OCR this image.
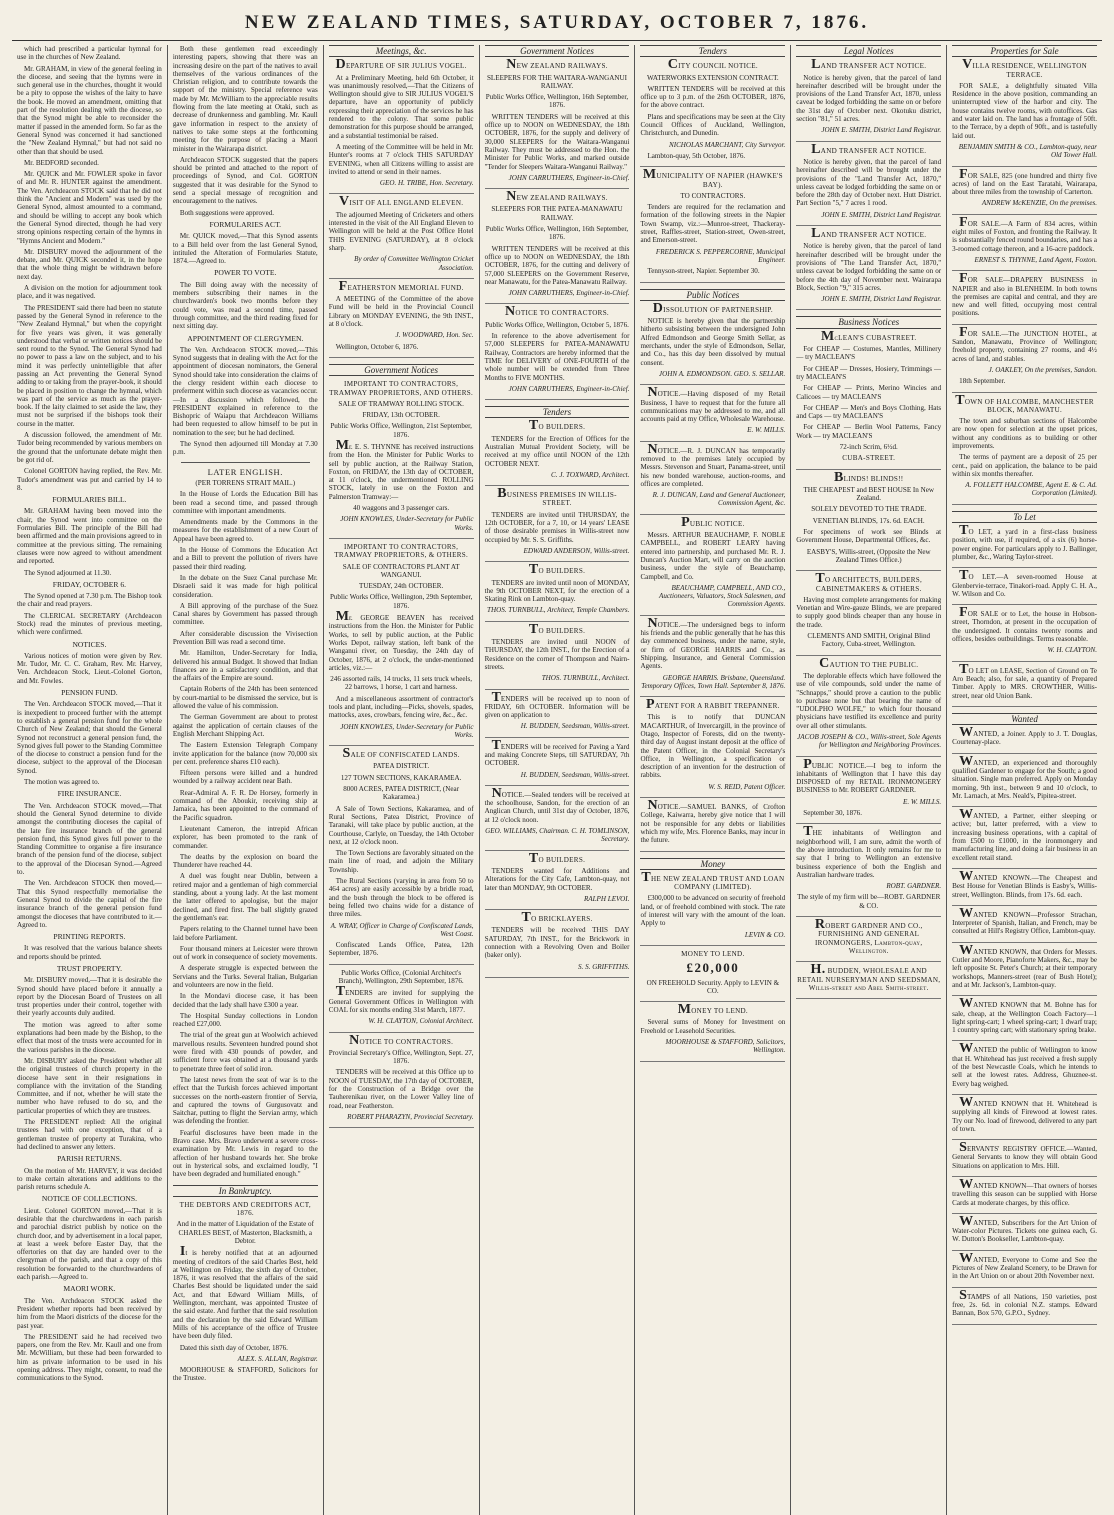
NEW ZEALAND TIMES, SATURDAY, OCTOBER 7, 1876.

which had prescribed a particular hymnal for use in the churches of New Zealand.

Mr. GRAHAM, in view of the general feeling in the diocese, and seeing that the hymns were in such general use in the churches, thought it would be a pity to oppose the wishes of the laity to have the book. He moved an amendment, omitting that part of the resolution dealing with the diocese, so that the Synod might be able to reconsider the matter if passed in the amended form. So far as the General Synod was concerned it had sanctioned the "New Zealand Hymnal," but had not said no other than that should be used.

Mr. BEDFORD seconded.

Mr. QUICK and Mr. FOWLER spoke in favor of and Mr. R. HUNTER against the amendment. The Ven. Archdeacon STOCK said that he did not think the "Ancient and Modern" was used by the General Synod, almost amounted to a command, and should be willing to accept any book which the General Synod directed, though he had very strong opinions respecting certain of the hymns in "Hymns Ancient and Modern."

Mr. DISBURY moved the adjournment of the debate, and Mr. QUICK seconded it, in the hope that the whole thing might be withdrawn before next day.

A division on the motion for adjournment took place, and it was negatived.

The PRESIDENT said there had been no statute passed by the General Synod in reference to the "New Zealand Hymnal," but when the copyright for five years was given, it was generally understood that verbal or written notices should be sent round to the Synod. The General Synod had no power to pass a law on the subject, and to his mind it was perfectly unintelligible that after passing an Act preventing the General Synod adding to or taking from the prayer-book, it should be placed in position to change the hymnal, which was part of the service as much as the prayer-book. If the laity claimed to set aside the law, they must not be surprised if the bishops took their course in the matter.

A discussion followed, the amendment of Mr. Tudor being recommended by various members on the ground that the unfortunate debate might then be got rid of.

Colonel GORTON having replied, the Rev. Mr. Tudor's amendment was put and carried by 14 to 8.

FORMULARIES BILL.

Mr. GRAHAM having been moved into the chair, the Synod went into committee on the Formularies Bill. The principle of the Bill had been affirmed and the main provisions agreed to in committee at the previous sitting. The remaining clauses were now agreed to without amendment and reported.

The Synod adjourned at 11.30.

FRIDAY, OCTOBER 6.

The Synod opened at 7.30 p.m. The Bishop took the chair and read prayers.

The CLERICAL SECRETARY (Archdeacon Stock) read the minutes of previous meeting, which were confirmed.

NOTICES.

Various notices of motion were given by Rev. Mr. Tudor, Mr. C. C. Graham, Rev. Mr. Harvey, Ven. Archdeacon Stock, Lieut.-Colonel Gorton, and Mr. Fowles.

PENSION FUND.

The Ven. Archdeacon STOCK moved,—That it is inexpedient to proceed further with the attempt to establish a general pension fund for the whole Church of New Zealand; that should the General Synod not reconstruct a general pension fund, the Synod gives full power to the Standing Committee of the diocese to construct a pension fund for the diocese, subject to the approval of the Diocesan Synod.

The motion was agreed to.

FIRE INSURANCE.

The Ven. Archdeacon STOCK moved,—That should the General Synod determine to divide amongst the contributing dioceses the capital of the late fire insurance branch of the general pension fund, this Synod gives full power to the Standing Committee to organise a fire insurance branch of the pension fund of the diocese, subject to the approval of the Diocesan Synod.—Agreed to.

The Ven. Archdeacon STOCK then moved,—That this Synod respectfully memorialise the General Synod to divide the capital of the fire insurance branch of the general pension fund amongst the dioceses that have contributed to it.—Agreed to.

PRINTING REPORTS.

It was resolved that the various balance sheets and reports should be printed.

TRUST PROPERTY.

Mr. DISBURY moved,—That it is desirable the Synod should have placed before it annually a report by the Diocesan Board of Trustees on all trust properties under their control, together with their yearly accounts duly audited.

The motion was agreed to after some explanations had been made by the Bishop, to the effect that most of the trusts were accounted for in the various parishes in the diocese.

Mr. DISBURY asked the President whether all the original trustees of church property in the diocese have sent in their resignations in compliance with the invitation of the Standing Committee, and if not, whether he will state the number who have refused to do so, and the particular properties of which they are trustees.

The PRESIDENT replied: All the original trustees had with one exception, that of a gentleman trustee of property at Turakina, who had declined to answer any letters.

PARISH RETURNS.

On the motion of Mr. HARVEY, it was decided to make certain alterations and additions to the parish returns schedule A.

NOTICE OF COLLECTIONS.

Lieut. Colonel GORTON moved,—That it is desirable that the churchwardens in each parish and parochial district publish by notice on the church door, and by advertisement in a local paper, at least a week before Easter Day, that the offertories on that day are handed over to the clergyman of the parish, and that a copy of this resolution be forwarded to the churchwardens of each parish.—Agreed to.

MAORI WORK.

The Ven. Archdeacon STOCK asked the President whether reports had been received by him from the Maori districts of the diocese for the past year.

The PRESIDENT said he had received two papers, one from the Rev. Mr. Kaull and one from Mr. McWilliam, but these had been forwarded to him as private information to be used in his opening address. They might, consent, to read the communications to the Synod.

Both these gentlemen read exceedingly interesting papers, showing that there was an increasing desire on the part of the natives to avail themselves of the various ordinances of the Christian religion, and to contribute towards the support of the ministry. Special reference was made by Mr. McWilliam to the appreciable results flowing from the late meeting at Otaki, such as decrease of drunkenness and gambling. Mr. Kaull gave information in respect to the anxiety of natives to take some steps at the forthcoming meeting for the purpose of placing a Maori minister in the Wairarapa district.

Archdeacon STOCK suggested that the papers should be printed and attached to the report of proceedings of Synod, and Col. GORTON suggested that it was desirable for the Synod to send a special message of recognition and encouragement to the natives.

Both suggestions were approved.

FORMULARIES ACT.

Mr. QUICK moved,—That this Synod assents to a Bill held over from the last General Synod, intituled the Alteration of Formularies Statute, 1874.—Agreed to.

POWER TO VOTE.

The Bill doing away with the necessity of members subscribing their names in the churchwarden's book two months before they could vote, was read a second time, passed through committee, and the third reading fixed for next sitting day.

APPOINTMENT OF CLERGYMEN.

The Ven. Archdeacon STOCK moved,—This Synod suggests that in dealing with the Act for the appointment of diocesan nominators, the General Synod should take into consideration the claims of the clergy resident within each diocese to preferment within such diocese as vacancies occur.—In a discussion which followed, the PRESIDENT explained in reference to the Bishopric of Waiapu that Archdeacon Williams had been requested to allow himself to be put in nomination to the see; but he had declined.

The Synod then adjourned till Monday at 7.30 p.m.

LATER ENGLISH.

(PER TORRENS STRAIT MAIL.)

In the House of Lords the Education Bill has been read a second time, and passed through committee with important amendments.

Amendments made by the Commons in the measures for the establishment of a new Court of Appeal have been agreed to.

In the House of Commons the Education Act and a Bill to prevent the pollution of rivers have passed their third reading.

In the debate on the Suez Canal purchase Mr. Disraeli said it was made for high political consideration.

A Bill approving of the purchase of the Suez Canal shares by Government has passed through committee.

After considerable discussion the Vivisection Prevention Bill was read a second time.

Mr. Hamilton, Under-Secretary for India, delivered his annual Budget. It showed that Indian finances are in a satisfactory condition, and that the affairs of the Empire are sound.

Captain Roberts of the 24th has been sentenced by court-martial to be dismissed the service, but is allowed the value of his commission.

The German Government are about to protest against the application of certain clauses of the English Merchant Shipping Act.

The Eastern Extension Telegraph Company invite application for the balance (now 70,000 six per cent. preference shares £10 each).

Fifteen persons were killed and a hundred wounded by a railway accident near Bath.

Rear-Admiral A. F. R. De Horsey, formerly in command of the Aboukir, receiving ship at Jamaica, has been appointed to the command of the Pacific squadron.

Lieutenant Cameron, the intrepid African explorer, has been promoted to the rank of commander.

The deaths by the explosion on board the Thunderer have reached 44.

A duel was fought near Dublin, between a retired major and a gentleman of high commercial standing, about a young lady. At the last moment the latter offered to apologise, but the major declined, and fired first. The ball slightly grazed the gentleman's ear.

Papers relating to the Channel tunnel have been laid before Parliament.

Four thousand miners at Leicester were thrown out of work in consequence of society movements.

A desperate struggle is expected between the Servians and the Turks. Several Italian, Bulgarian and volunteers are now in the field.

In the Mondavi diocese case, it has been decided that the lady shall have £300 a year.

The Hospital Sunday collections in London reached £27,000.

The trial of the great gun at Woolwich achieved marvellous results. Seventeen hundred pound shot were fired with 430 pounds of powder, and sufficient force was obtained at a thousand yards to penetrate three feet of solid iron.

The latest news from the seat of war is to the effect that the Turkish forces achieved important successes on the north-eastern frontier of Servia, and captured the towns of Gurgusovatz and Saitchar, putting to flight the Servian army, which was defending the frontier.

Fearful disclosures have been made in the Bravo case. Mrs. Bravo underwent a severe cross-examination by Mr. Lewis in regard to the affection of her husband towards her. She broke out in hysterical sobs, and exclaimed loudly, "I have been degraded and humiliated enough."

In Bankruptcy.

THE DEBTORS AND CREDITORS ACT, 1876.

And in the matter of Liquidation of the Estate of CHARLES BEST, of Masterton, Blacksmith, a Debtor.

It is hereby notified that at an adjourned meeting of creditors of the said Charles Best, held at Wellington on Friday, the sixth day of October, 1876, it was resolved that the affairs of the said Charles Best should be liquidated under the said Act, and that Edward William Mills, of Wellington, merchant, was appointed Trustee of the said estate. And further that the said resolution and the declaration by the said Edward William Mills of his acceptance of the office of Trustee have been duly filed.

Dated this sixth day of October, 1876.

ALEX. S. ALLAN, Registrar.

MOORHOUSE & STAFFORD, Solicitors for the Trustee.

Meetings, &c.

DEPARTURE OF SIR JULIUS VOGEL.

At a Preliminary Meeting, held 6th October, it was unanimously resolved,—That the Citizens of Wellington should give to SIR JULIUS VOGEL'S departure, have an opportunity of publicly expressing their appreciation of the services he has rendered to the colony. That some public demonstration for this purpose should be arranged, and a substantial testimonial be raised.

A meeting of the Committee will be held in Mr. Hunter's rooms at 7 o'clock THIS SATURDAY EVENING, when all Citizens willing to assist are invited to attend or send in their names.

GEO. H. TRIBE, Hon. Secretary.

VISIT OF ALL ENGLAND ELEVEN.

The adjourned Meeting of Cricketers and others interested in the visit of the All England Eleven to Wellington will be held at the Post Office Hotel THIS EVENING (SATURDAY), at 8 o'clock sharp.

By order of Committee Wellington Cricket Association.

FEATHERSTON MEMORIAL FUND.

A MEETING of the Committee of the above Fund will be held in the Provincial Council Library on MONDAY EVENING, the 9th INST., at 8 o'clock.

J. WOODWARD, Hon. Sec.

Wellington, October 6, 1876.

Government Notices

IMPORTANT TO CONTRACTORS, TRAMWAY PROPRIETORS, AND OTHERS.

SALE OF TRAMWAY ROLLING STOCK.

FRIDAY, 13th OCTOBER.

Public Works Office, Wellington, 21st September, 1876.

Mr. E. S. THYNNE has received instructions from the Hon. the Minister for Public Works to sell by public auction, at the Railway Station, Foxton, on FRIDAY, the 13th day of OCTOBER, at 11 o'clock, the undermentioned ROLLING STOCK, lately in use on the Foxton and Palmerston Tramway:—

40 waggons and 3 passenger cars.

JOHN KNOWLES, Under-Secretary for Public Works.

IMPORTANT TO CONTRACTORS, TRAMWAY PROPRIETORS, & OTHERS.

SALE OF CONTRACTORS PLANT AT WANGANUI.

TUESDAY, 24th OCTOBER.

Public Works Office, Wellington, 29th September, 1876.

Mr. GEORGE BEAVEN has received instructions from the Hon. the Minister for Public Works, to sell by public auction, at the Public Works Depot, railway station, left bank of the Wanganui river, on Tuesday, the 24th day of October, 1876, at 2 o'clock, the under-mentioned articles, viz.:—

246 assorted rails, 14 trucks, 11 sets truck wheels, 22 barrows, 1 horse, 1 cart and harness.

And a miscellaneous assortment of contractor's tools and plant, including—Picks, shovels, spades, mattocks, axes, crowbars, fencing wire, &c., &c.

JOHN KNOWLES, Under-Secretary for Public Works.

SALE OF CONFISCATED LANDS.

PATEA DISTRICT.

127 TOWN SECTIONS, KAKARAMEA.

8000 ACRES, PATEA DISTRICT, (Near Kakaramea.)

A Sale of Town Sections, Kakaramea, and of Rural Sections, Patea District, Province of Taranaki, will take place by public auction, at the Courthouse, Carlyle, on Tuesday, the 14th October next, at 12 o'clock noon.

The Town Sections are favorably situated on the main line of road, and adjoin the Military Township.

The Rural Sections (varying in area from 50 to 464 acres) are easily accessible by a bridle road, and the bush through the block to be offered is being felled two chains wide for a distance of three miles.

A. WRAY, Officer in Charge of Confiscated Lands, West Coast.

Confiscated Lands Office, Patea, 12th September, 1876.

Public Works Office, (Colonial Architect's Branch), Wellington, 29th September, 1876.

TENDERS are invited for supplying the General Government Offices in Wellington with COAL for six months ending 31st March, 1877.

W. H. CLAYTON, Colonial Architect.

NOTICE TO CONTRACTORS.

Provincial Secretary's Office, Wellington, Sept. 27, 1876.

TENDERS will be received at this Office up to NOON of TUESDAY, the 17th day of OCTOBER, for the Construction of a Bridge over the Tauherenikau river, on the Lower Valley line of road, near Featherston.

ROBERT PHARAZYN, Provincial Secretary.

Government Notices

NEW ZEALAND RAILWAYS.

SLEEPERS FOR THE WAITARA-WANGANUI RAILWAY.

Public Works Office, Wellington, 16th September, 1876.

WRITTEN TENDERS will be received at this office up to NOON on WEDNESDAY, the 18th OCTOBER, 1876, for the supply and delivery of 30,000 SLEEPERS for the Waitara-Wanganui Railway. They must be addressed to the Hon. the Minister for Public Works, and marked outside "Tender for Sleepers Waitara-Wanganui Railway."

JOHN CARRUTHERS, Engineer-in-Chief.

NEW ZEALAND RAILWAYS.

SLEEPERS FOR THE PATEA-MANAWATU RAILWAY.

Public Works Office, Wellington, 16th September, 1876.

WRITTEN TENDERS will be received at this office up to NOON on WEDNESDAY, the 18th OCTOBER, 1876, for the cutting and delivery of 57,000 SLEEPERS on the Government Reserve, near Manawatu, for the Patea-Manawatu Railway.

JOHN CARRUTHERS, Engineer-in-Chief.

NOTICE TO CONTRACTORS.

Public Works Office, Wellington, October 5, 1876.

In reference to the above advertisement for 57,000 SLEEPERS for PATEA-MANAWATU Railway, Contractors are hereby informed that the TIME for DELIVERY of ONE-FOURTH of the whole number will be extended from Three Months to FIVE MONTHS.

JOHN CARRUTHERS, Engineer-in-Chief.

Tenders

TO BUILDERS.

TENDERS for the Erection of Offices for the Australian Mutual Provident Society, will be received at my office until NOON of the 12th OCTOBER NEXT.

C. J. TOXWARD, Architect.

BUSINESS PREMISES IN WILLIS-STREET.

TENDERS are invited until THURSDAY, the 12th OCTOBER, for a 7, 10, or 14 years' LEASE of those desirable premises in Willis-street now occupied by Mr. S. S. Griffiths.

EDWARD ANDERSON, Willis-street.

TO BUILDERS.

TENDERS are invited until noon of MONDAY, the 9th OCTOBER NEXT, for the erection of a Skating Rink on Lambton-quay.

THOS. TURNBULL, Architect, Temple Chambers.

TO BUILDERS.

TENDERS are invited until NOON of THURSDAY, the 12th INST., for the Erection of a Residence on the corner of Thompson and Nairn-streets.

THOS. TURNBULL, Architect.

TENDERS will be received up to noon of FRIDAY, 6th OCTOBER. Information will be given on application to

H. BUDDEN, Seedsman, Willis-street.

TENDERS will be received for Paving a Yard and making Concrete Steps, till SATURDAY, 7th OCTOBER.

H. BUDDEN, Seedsman, Willis-street.

NOTICE.—Sealed tenders will be received at the schoolhouse, Sandon, for the erection of an Anglican Church, until 31st day of October, 1876, at 12 o'clock noon.

GEO. WILLIAMS, Chairman. C. H. TOMLINSON, Secretary.

TO BUILDERS.

TENDERS wanted for Additions and Alterations for the City Cafe, Lambton-quay, not later than MONDAY, 9th OCTOBER.

RALPH LEVOI.

TO BRICKLAYERS.

TENDERS will be received THIS DAY SATURDAY, 7th INST., for the Brickwork in connection with a Revolving Oven and Boiler (baker only).

S. S. GRIFFITHS.

Tenders

CITY COUNCIL NOTICE.

WATERWORKS EXTENSION CONTRACT.

WRITTEN TENDERS will be received at this office up to 3 p.m. of the 26th OCTOBER, 1876, for the above contract.

Plans and specifications may be seen at the City Council Offices of Auckland, Wellington, Christchurch, and Dunedin.

NICHOLAS MARCHANT, City Surveyor.

Lambton-quay, 5th October, 1876.

MUNICIPALITY OF NAPIER (HAWKE'S BAY).

TO CONTRACTORS.

Tenders are required for the reclamation and formation of the following streets in the Napier Town Swamp, viz.:—Munroe-street, Thackeray-street, Raffles-street, Station-street, Owen-street, and Emerson-street.

FREDERICK S. PEPPERCORNE, Municipal Engineer.

Tennyson-street, Napier. September 30.

Public Notices

DISSOLUTION OF PARTNERSHIP.

NOTICE is hereby given that the partnership hitherto subsisting between the undersigned John Alfred Edmondson and George Smith Sellar, as merchants, under the style of Edmondson, Sellar, and Co., has this day been dissolved by mutual consent.

JOHN A. EDMONDSON. GEO. S. SELLAR.

NOTICE.—Having disposed of my Retail Business, I have to request that for the future all communications may be addressed to me, and all accounts paid at my Office, Wholesale Warehouse.

E. W. MILLS.

NOTICE.—R. J. DUNCAN has temporarily removed to the premises lately occupied by Messrs. Stevenson and Stuart, Panama-street, until his new bonded warehouse, auction-rooms, and offices are completed.

R. J. DUNCAN, Land and General Auctioneer, Commission Agent, &c.

PUBLIC NOTICE.

Messrs. ARTHUR BEAUCHAMP, F. NOBLE CAMPBELL, and ROBERT LEARY having entered into partnership, and purchased Mr. R. J. Duncan's Auction Mart, will carry on the auction business, under the style of Beauchamp, Campbell, and Co.

BEAUCHAMP, CAMPBELL, AND CO., Auctioneers, Valuators, Stock Salesmen, and Commission Agents.

NOTICE.—The undersigned begs to inform his friends and the public generally that he has this day commenced business, under the name, style, or firm of GEORGE HARRIS and Co., as Shipping, Insurance, and General Commission Agents.

GEORGE HARRIS. Brisbane, Queensland. Temporary Offices, Town Hall. September 8, 1876.

PATENT FOR A RABBIT TREPANNER.

This is to notify that DUNCAN MACARTHUR, of Invercargill, in the province of Otago, Inspector of Forests, did on the twenty-third day of August instant deposit at the office of the Patent Officer, in the Colonial Secretary's Office, in Wellington, a specification or description of an invention for the destruction of rabbits.

W. S. REID, Patent Officer.

NOTICE.—SAMUEL BANKS, of Crofton College, Kaiwarra, hereby give notice that I will not be responsible for any debts or liabilities which my wife, Mrs. Florence Banks, may incur in the future.

Money

THE NEW ZEALAND TRUST AND LOAN COMPANY (LIMITED).

£300,000 to be advanced on security of freehold land, or of freehold combined with stock. The rate of interest will vary with the amount of the loan. Apply to

LEVIN & CO.

MONEY TO LEND.

£20,000

ON FREEHOLD Security. Apply to LEVIN & CO.

MONEY TO LEND.

Several sums of Money for Investment on Freehold or Leasehold Securities.

MOORHOUSE & STAFFORD, Solicitors, Wellington.

Legal Notices

LAND TRANSFER ACT NOTICE.

Notice is hereby given, that the parcel of land hereinafter described will be brought under the provisions of the Land Transfer Act, 1870, unless caveat be lodged forbidding the same on or before the 31st day of October next. Okotuku district, section "81," 51 acres.

JOHN E. SMITH, District Land Registrar.

LAND TRANSFER ACT NOTICE.

Notice is hereby given, that the parcel of land hereinafter described will be brought under the provisions of the "Land Transfer Act, 1870," unless caveat be lodged forbidding the same on or before the 28th day of October next. Hutt District. Part Section "5," 7 acres 1 rood.

JOHN E. SMITH, District Land Registrar.

LAND TRANSFER ACT NOTICE.

Notice is hereby given, that the parcel of land hereinafter described will be brought under the provisions of "The Land Transfer Act, 1870," unless caveat be lodged forbidding the same on or before the 4th day of November next. Wairarapa Block, Section "9," 315 acres.

JOHN E. SMITH, District Land Registrar.

Business Notices

McLEAN'S CUBASTREET.

For CHEAP — Costumes, Mantles, Millinery — try MACLEAN'S

For CHEAP — Dresses, Hosiery, Trimmings — try MACLEAN'S

For CHEAP — Prints, Merino Wincies and Calicoes — try MACLEAN'S

For CHEAP — Men's and Boys Clothing, Hats and Caps — try MACLEAN'S

For CHEAP — Berlin Wool Patterns, Fancy Work — try MACLEAN'S

72-inch Scrim, 6½d.

CUBA-STREET.

BLINDS! BLINDS!!

THE CHEAPEST and BEST HOUSE In New Zealand.

SOLELY DEVOTED TO THE TRADE.

VENETIAN BLINDS, 17s. 6d. EACH.

For specimens of work see Blinds at Government House, Departmental Offices, &c.

EASBY'S, Willis-street, (Opposite the New Zealand Times Office.)

TO ARCHITECTS, BUILDERS, CABINETMAKERS & OTHERS.

Having most complete arrangements for making Venetian and Wire-gauze Blinds, we are prepared to supply good blinds cheaper than any house in the trade.

CLEMENTS AND SMITH, Original Blind Factory, Cuba-street, Wellington.

CAUTION TO THE PUBLIC.

The deplorable effects which have followed the use of vile compounds, sold under the name of "Schnapps," should prove a caution to the public to purchase none but that bearing the name of "UDOLPHO WOLFE," to which four thousand physicians have testified its excellence and purity over all other stimulants.

JACOB JOSEPH & CO., Willis-street, Sole Agents for Wellington and Neighboring Provinces.

PUBLIC NOTICE.—I beg to inform the inhabitants of Wellington that I have this day DISPOSED of my RETAIL IRONMONGERY BUSINESS to Mr. ROBERT GARDNER.

E. W. MILLS.

September 30, 1876.

THE inhabitants of Wellington and neighborhood will, I am sure, admit the worth of the above introduction. It only remains for me to say that I bring to Wellington an extensive business experience of both the English and Australian hardware trades.

ROBT. GARDNER.

The style of my firm will be—ROBT. GARDNER & CO.

ROBERT GARDNER AND CO., FURNISHING AND GENERAL IRONMONGERS, Lambton-quay, Wellington.

H. BUDDEN, WHOLESALE AND RETAIL NURSERYMAN AND SEEDSMAN, Willis-street and Abel Smith-street.

Properties for Sale

VILLA RESIDENCE, WELLINGTON TERRACE.

FOR SALE, a delightfully situated Villa Residence in the above position, commanding an uninterrupted view of the harbor and city. The house contains twelve rooms, with outoffices. Gas and water laid on. The land has a frontage of 50ft. to the Terrace, by a depth of 90ft., and is tastefully laid out.

BENJAMIN SMITH & CO., Lambton-quay, near Old Tower Hall.

FOR SALE, 825 (one hundred and thirty five acres) of land on the East Taratahi, Wairarapa, about three miles from the township of Carterton.

ANDREW McKENZIE, On the premises.

FOR SALE.—A Farm of 834 acres, within eight miles of Foxton, and fronting the Railway. It is substantially fenced round boundaries, and has a 3-roomed cottage thereon, and a 16-acre paddock.

ERNEST S. THYNNE, Land Agent, Foxton.

FOR SALE—DRAPERY BUSINESS in NAPIER and also in BLENHEIM. In both towns the premises are capital and central, and they are new and well fitted, occupying most central positions.

FOR SALE.—The JUNCTION HOTEL, at Sandon, Manawatu, Province of Wellington; freehold property, containing 27 rooms, and 4½ acres of land, and stables.

J. OAKLEY, On the premises, Sandon.

18th September.

TOWN OF HALCOMBE, MANCHESTER BLOCK, MANAWATU.

The town and suburban sections of Halcombe are now open for selection at the upset prices, without any conditions as to building or other improvements.

The terms of payment are a deposit of 25 per cent., paid on application, the balance to be paid within six months thereafter.

A. FOLLETT HALCOMBE, Agent E. & C. Ad. Corporation (Limited).

To Let

TO LET, a yard in a first-class business position, with use, if required, of a six (6) horse-power engine. For particulars apply to J. Ballinger, plumber, &c., Waring Taylor-street.

TO LET.—A seven-roomed House at Glenbervie-terrace, Tinakori-road. Apply C. H. A., W. Wilson and Co.

FOR SALE or to Let, the house in Hobson-street, Thorndon, at present in the occupation of the undersigned. It contains twenty rooms and offices, besides outbuildings. Terms reasonable.

W. H. CLAYTON.

TO LET on LEASE, Section of Ground on Te Aro Beach; also, for sale, a quantity of Prepared Timber. Apply to MRS. CROWTHER, Willis-street, near old Union Bank.

Wanted

WANTED, a Joiner. Apply to J. T. Douglas, Courtenay-place.

WANTED, an experienced and thoroughly qualified Gardener to engage for the South; a good situation. Single man preferred. Apply on Monday morning, 9th inst., between 9 and 10 o'clock, to Mr. Larnach, at Mrs. Neald's, Pipitea-street.

WANTED, a Partner, either sleeping or active; but, latter preferred, with a view to increasing business operations, with a capital of from £500 to £1000, in the ironmongery and manufacturing line, and doing a fair business in an excellent retail stand.

WANTED KNOWN.—The Cheapest and Best House for Venetian Blinds is Easby's, Willis-street, Wellington. Blinds, from 17s. 6d. each.

WANTED KNOWN—Professor Strachan, Interpreter of Spanish, Italian, and French, may be consulted at Hill's Registry Office, Lambton-quay.

WANTED KNOWN, that Orders for Messrs. Cutler and Moore, Pianoforte Makers, &c., may be left opposite St. Peter's Church; at their temporary workshops, Manners-street (rear of Bush Hotel); and at Mr. Jackson's, Lambton-quay.

WANTED KNOWN that M. Bohne has for sale, cheap, at the Wellington Coach Factory—1 light spring-cart; 1 wheel spring-cart; 1 dwarf trap; 1 country spring cart; with stationary spring brake.

WANTED the public of Wellington to know that H. Whitehead has just received a fresh supply of the best Newcastle Coals, which he intends to sell at the lowest rates. Address, Ghuznee-st. Every bag weighed.

WANTED KNOWN that H. Whitehead is supplying all kinds of Firewood at lowest rates. Try our No. load of firewood, delivered to any part of town.

SERVANTS' REGISTRY OFFICE.—Wanted, General Servants to know they will obtain Good Situations on application to Mrs. Hill.

WANTED KNOWN—That owners of horses travelling this season can be supplied with Horse Cards at moderate charges, by this office.

WANTED, Subscribers for the Art Union of Water-color Pictures. Tickets one guinea each, G. W. Dutton's Bookseller, Lambton-quay.

WANTED, Everyone to Come and See the Pictures of New Zealand Scenery, to be Drawn for in the Art Union on or about 20th November next.

STAMPS of all Nations, 150 varieties, post free, 2s. 6d. in colonial N.Z. stamps. Edward Bannan, Box 570, G.P.O., Sydney.
